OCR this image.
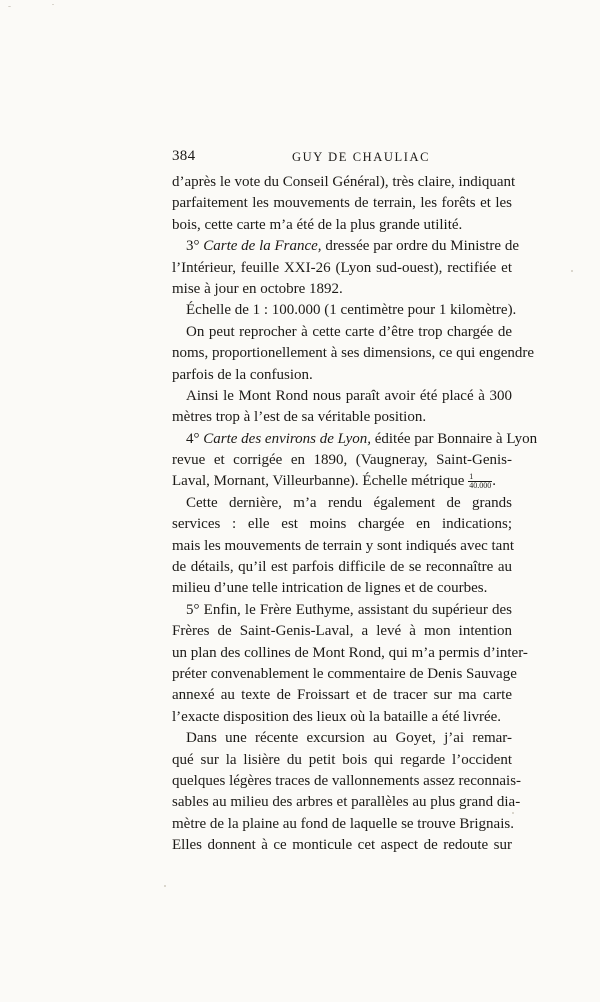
384	GUY DE CHAULIAC
d’après le vote du Conseil Général), très claire, indiquant
parfaitement les mouvements de terrain, les forêts et les
bois, cette carte m’a été de la plus grande utilité.
3° Carte de la France, dressée par ordre du Ministre de
l’Intérieur, feuille XXI-26 (Lyon sud-ouest), rectifiée et
mise à jour en octobre 1892.
Échelle de 1 : 100.000 (1 centimètre pour 1 kilomètre).
On peut reprocher à cette carte d’être trop chargée de
noms, proportionellement à ses dimensions, ce qui engendre
parfois de la confusion.
Ainsi le Mont Rond nous paraît avoir été placé à 300
mètres trop à l’est de sa véritable position.
4° Carte des environs de Lyon, éditée par Bonnaire à Lyon
revue et corrigée en 1890, (Vaugneray, Saint-Genis-
Laval, Mornant, Villeurbanne). Échelle métrique $\frac{1}{40.000}$ .
Cette dernière, m’a rendu également de grands
services : elle est moins chargée en indications;
mais les mouvements de terrain y sont indiqués avec tant
de détails, qu’il est parfois difficile de se reconnaître au
milieu d’une telle intrication de lignes et de courbes.
5° Enfin, le Frère Euthyme, assistant du supérieur des
Frères de Saint-Genis-Laval, a levé à mon intention
un plan des collines de Mont Rond, qui m’a permis d’inter-
préter convenablement le commentaire de Denis Sauvage
annexé au texte de Froissart et de tracer sur ma carte
l’exacte disposition des lieux où la bataille a été livrée.
Dans une récente excursion au Goyet, j’ai remar-
qué sur la lisière du petit bois qui regarde l’occident
quelques légères traces de vallonnements assez reconnais-
sables au milieu des arbres et parallèles au plus grand dia-
mètre de la plaine au fond de laquelle se trouve Brignais.
Elles donnent à ce monticule cet aspect de redoute sur
